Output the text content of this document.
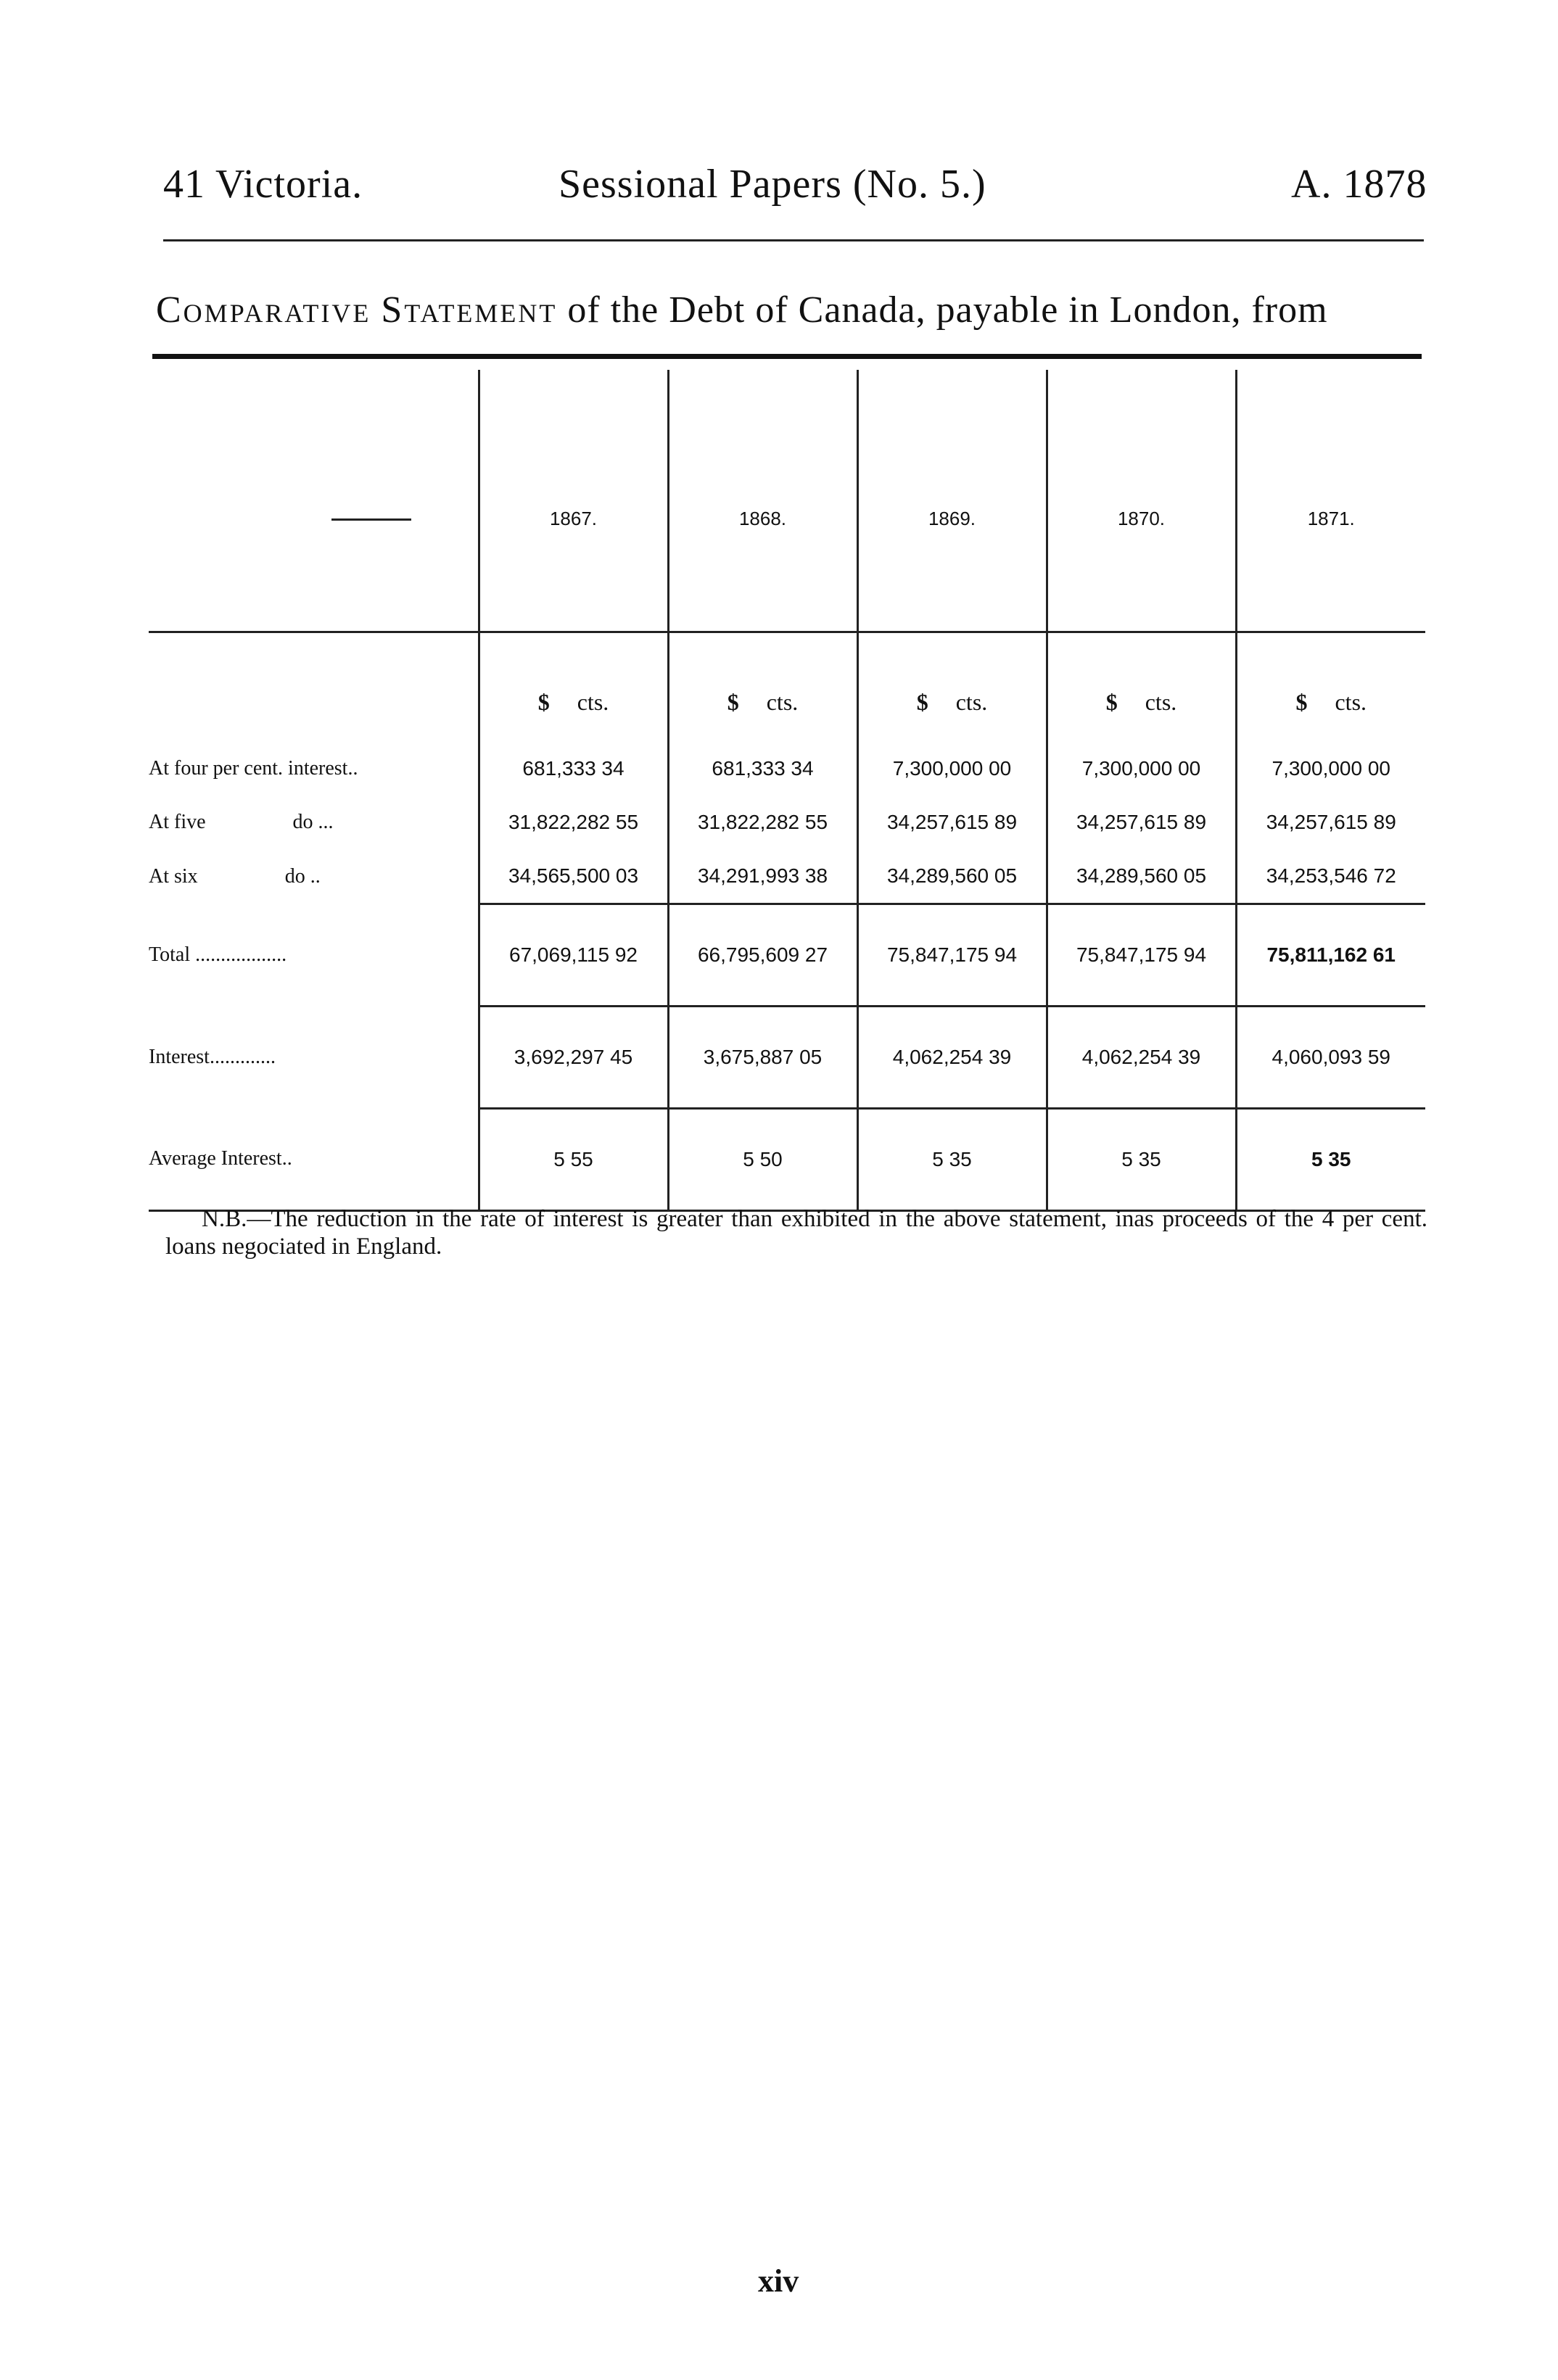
41 Victoria.	Sessional Papers (No. 5.)	A. 1878
Comparative Statement of the Debt of Canada, payable in London, from
	1867.	1868.	1869.	1870.	1871.
	$ cts.	$ cts.	$ cts.	$ cts.	$ cts.
At four per cent. interest..	681,333 34	681,333 34	7,300,000 00	7,300,000 00	7,300,000 00
At five do ...	31,822,282 55	31,822,282 55	34,257,615 89	34,257,615 89	34,257,615 89
At six do ..	34,565,500 03	34,291,993 38	34,289,560 05	34,289,560 05	34,253,546 72
Total ..................	67,069,115 92	66,795,609 27	75,847,175 94	75,847,175 94	75,811,162 61
Interest.............	3,692,297 45	3,675,887 05	4,062,254 39	4,062,254 39	4,060,093 59
Average Interest..	5 55	5 50	5 35	5 35	5 35
N.B.—The reduction in the rate of interest is greater than exhibited in the above statement, inas proceeds of the 4 per cent. loans negociated in England.
xiv
